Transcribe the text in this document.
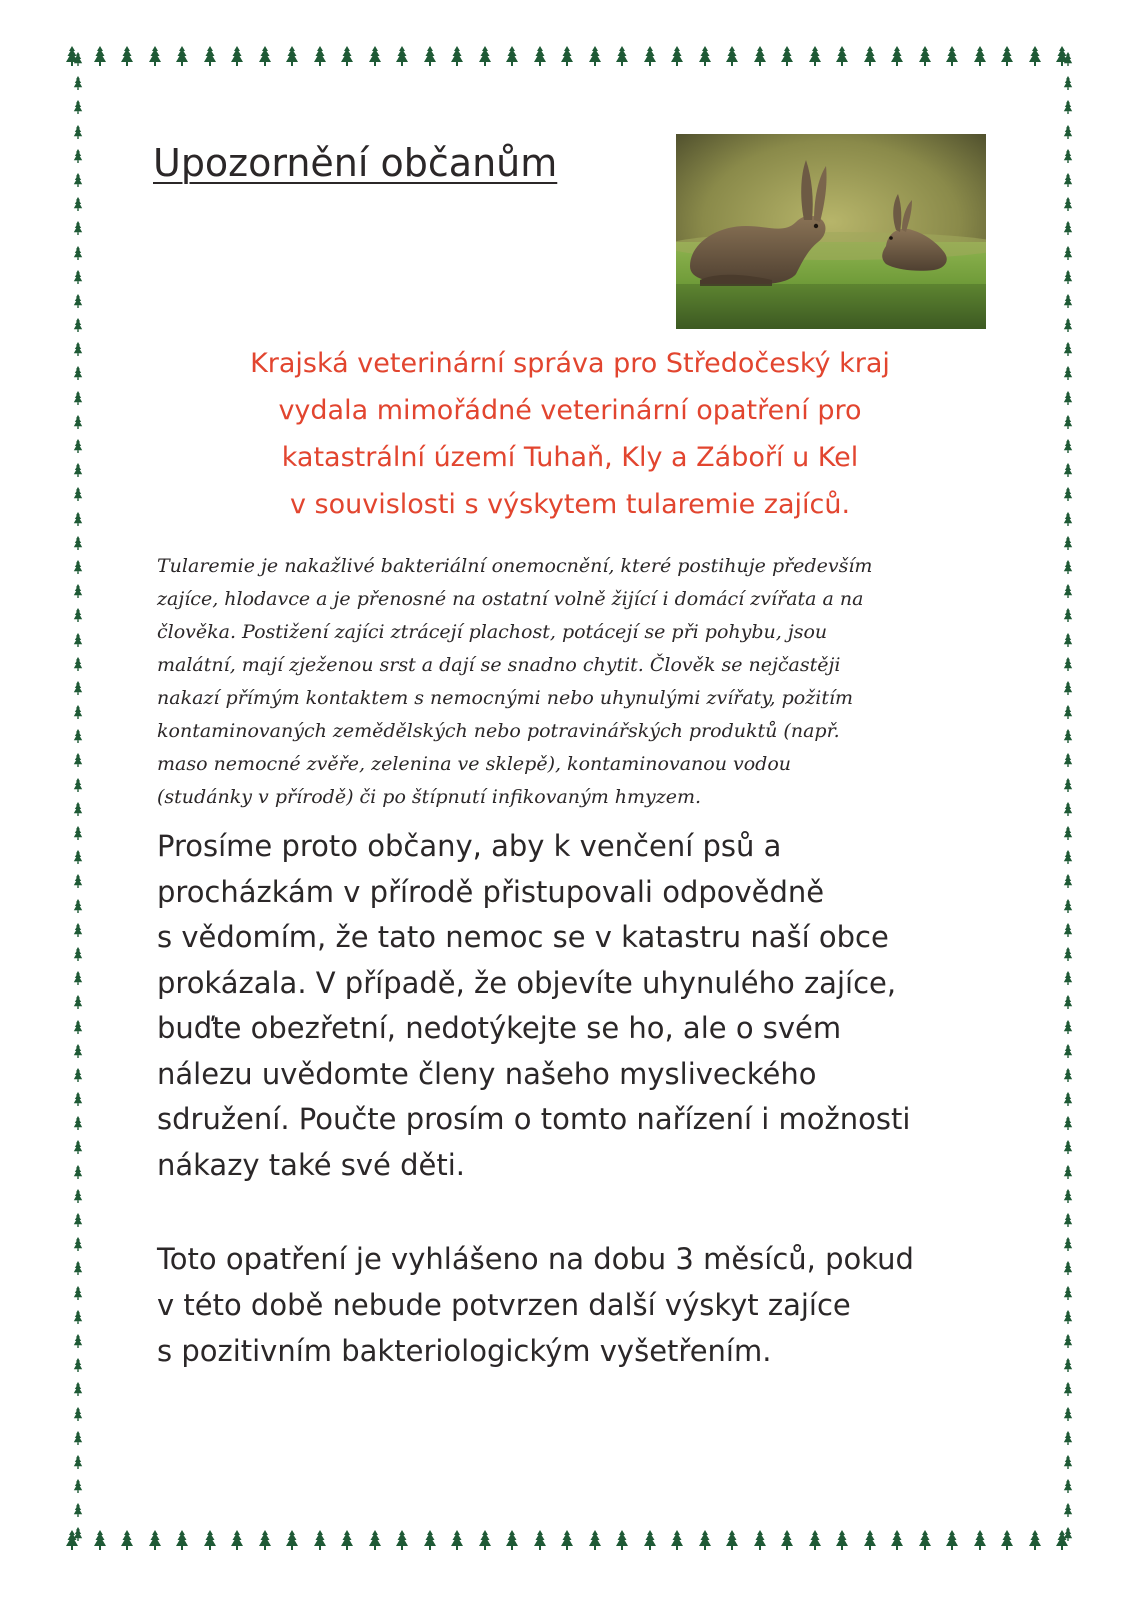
Upozornění občanům
Krajská veterinární správa pro Středočeský kraj
vydala mimořádné veterinární opatření pro
katastrální území Tuhaň, Kly a Záboří u Kel
v souvislosti s výskytem tularemie zajíců.
Tularemie je nakažlivé bakteriální onemocnění, které postihuje především
zajíce, hlodavce a je přenosné na ostatní volně žijící i domácí zvířata a na
člověka. Postižení zajíci ztrácejí plachost, potácejí se při pohybu, jsou
malátní, mají zježenou srst a dají se snadno chytit. Člověk se nejčastěji
nakazí přímým kontaktem s nemocnými nebo uhynulými zvířaty, požitím
kontaminovaných zemědělských nebo potravinářských produktů (např.
maso nemocné zvěře, zelenina ve sklepě), kontaminovanou vodou
(studánky v přírodě) či po štípnutí infikovaným hmyzem.
Prosíme proto občany, aby k venčení psů a
procházkám v přírodě přistupovali odpovědně
s vědomím, že tato nemoc se v katastru naší obce
prokázala. V případě, že objevíte uhynulého zajíce,
buďte obezřetní, nedotýkejte se ho, ale o svém
nálezu uvědomte členy našeho mysliveckého
sdružení. Poučte prosím o tomto nařízení i možnosti
nákazy také své děti.
Toto opatření je vyhlášeno na dobu 3 měsíců, pokud
v této době nebude potvrzen další výskyt zajíce
s pozitivním bakteriologickým vyšetřením.
